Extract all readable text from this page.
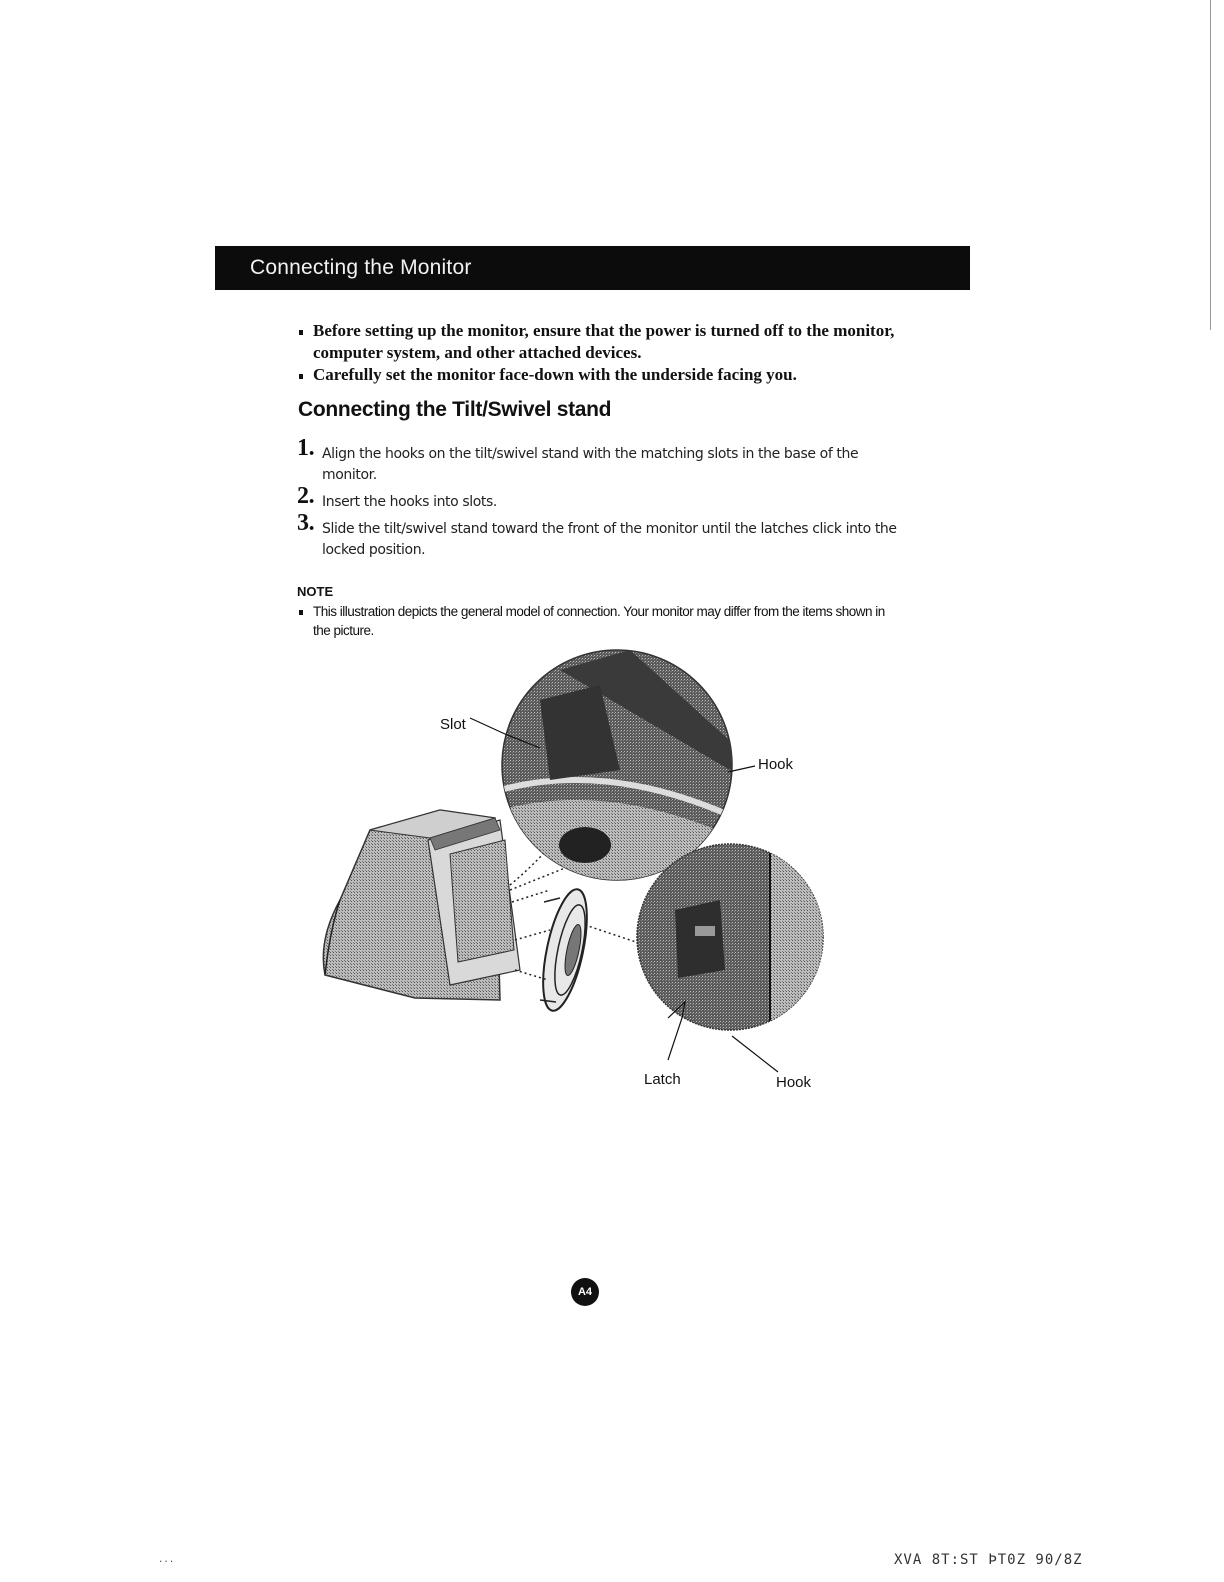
Connecting the Monitor
Before setting up the monitor, ensure that the power is turned off to the monitor, computer system, and other attached devices.
Carefully set the monitor face-down with the underside facing you.
Connecting the Tilt/Swivel stand
1. Align the hooks on the tilt/swivel stand with the matching slots in the base of the monitor.
2. Insert the hooks into slots.
3. Slide the tilt/swivel stand toward the front of the monitor until the latches click into the locked position.
NOTE
This illustration depicts the general model of connection. Your monitor may differ from the items shown in the picture.
Slot
Hook
Latch	Hook
A4
...	XVA 8T:ST ÞT0Z 90/8Z
